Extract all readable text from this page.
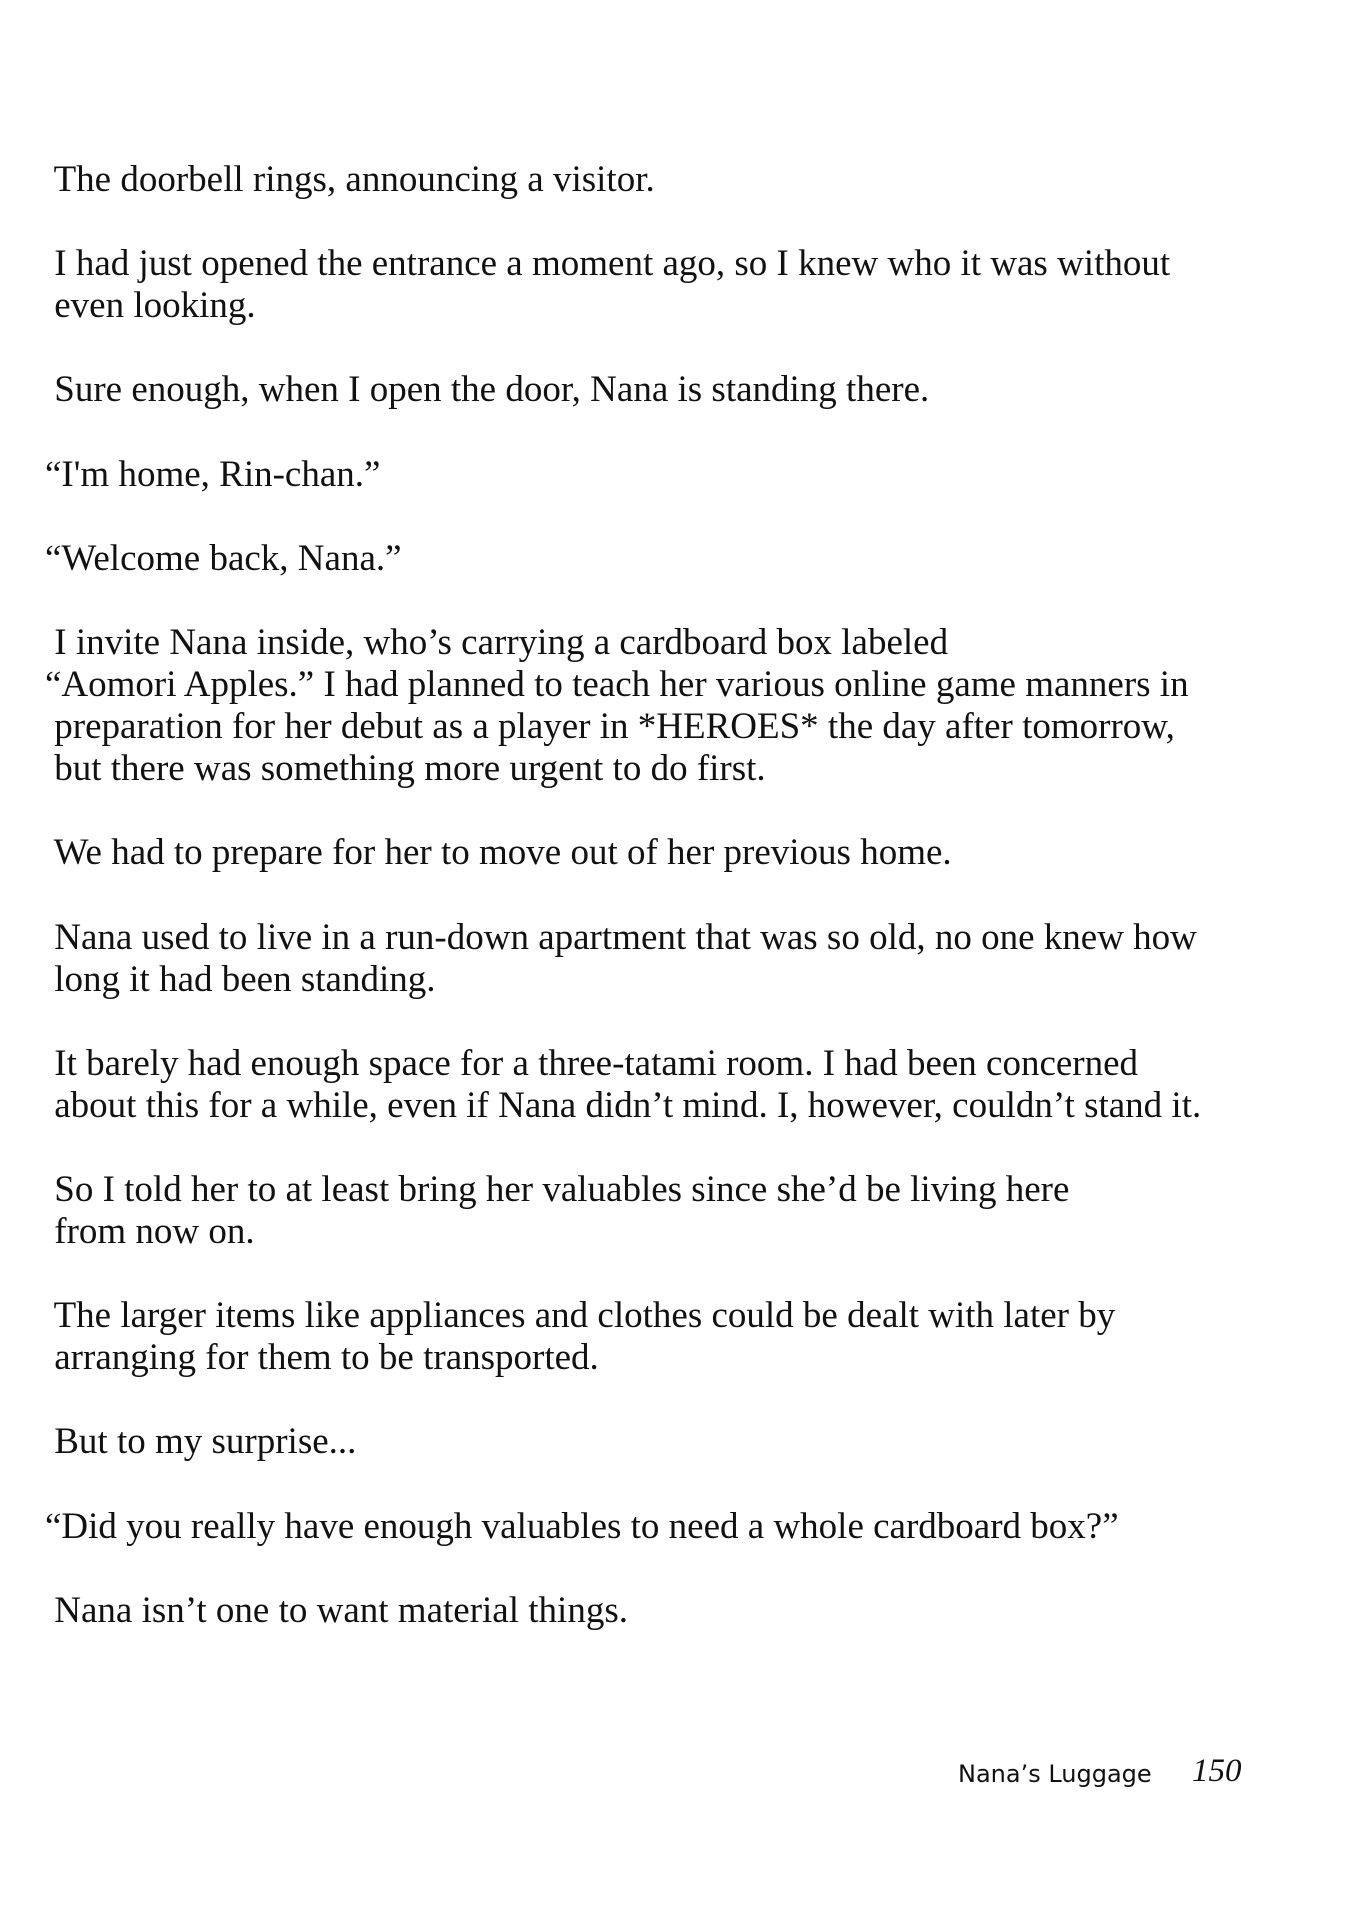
The doorbell rings, announcing a visitor.
I had just opened the entrance a moment ago, so I knew who it was without
even looking.
Sure enough, when I open the door, Nana is standing there.
“I'm home, Rin-chan.”
“Welcome back, Nana.”
I invite Nana inside, who’s carrying a cardboard box labeled
“Aomori Apples.” I had planned to teach her various online game manners in
preparation for her debut as a player in *HEROES* the day after tomorrow,
but there was something more urgent to do first.
We had to prepare for her to move out of her previous home.
Nana used to live in a run-down apartment that was so old, no one knew how
long it had been standing.
It barely had enough space for a three-tatami room. I had been concerned
about this for a while, even if Nana didn’t mind. I, however, couldn’t stand it.
So I told her to at least bring her valuables since she’d be living here
from now on.
The larger items like appliances and clothes could be dealt with later by
arranging for them to be transported.
But to my surprise...
“Did you really have enough valuables to need a whole cardboard box?”
Nana isn’t one to want material things.
Nana’s Luggage 150
